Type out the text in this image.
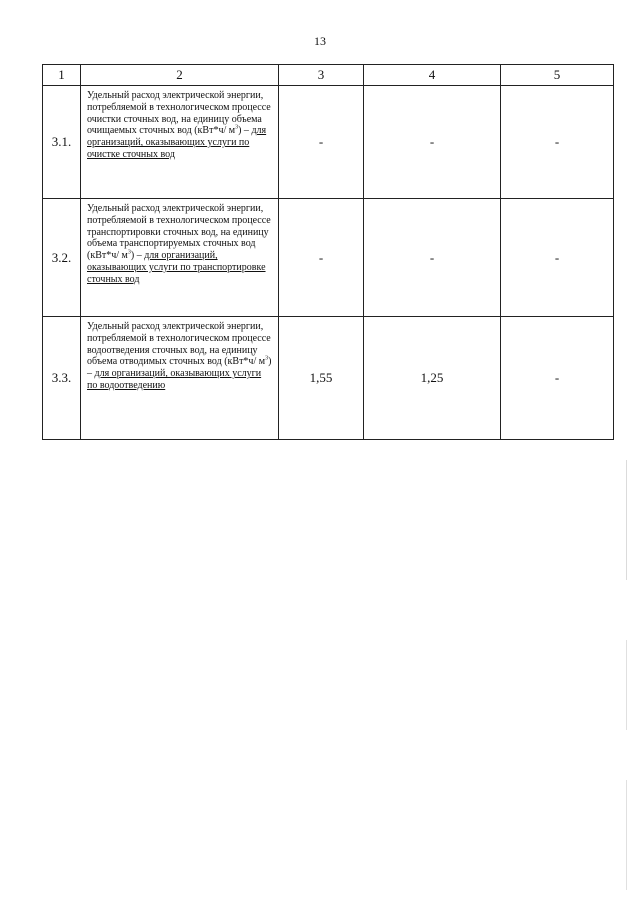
13
1	2	3	4	5
3.1.	Удельный расход электрической энергии, потребляемой в технологическом процессе очистки сточных вод, на единицу объема очищаемых сточных вод (кВт*ч/ $м^3$) – для организаций, оказывающих услуги по очистке сточных вод	-	-	-
3.2.	Удельный расход электрической энергии, потребляемой в технологическом процессе транспортировки сточных вод, на единицу объема транспортируемых сточных вод (кВт*ч/ $м^3$) – для организаций, оказывающих услуги по транспортировке сточных вод	-	-	-
3.3.	Удельный расход электрической энергии, потребляемой в технологическом процессе водоотведения сточных вод, на единицу объема отводимых сточных вод (кВт*ч/ $м^3$) – для организаций, оказывающих услуги по водоотведению	1,55	1,25	-
